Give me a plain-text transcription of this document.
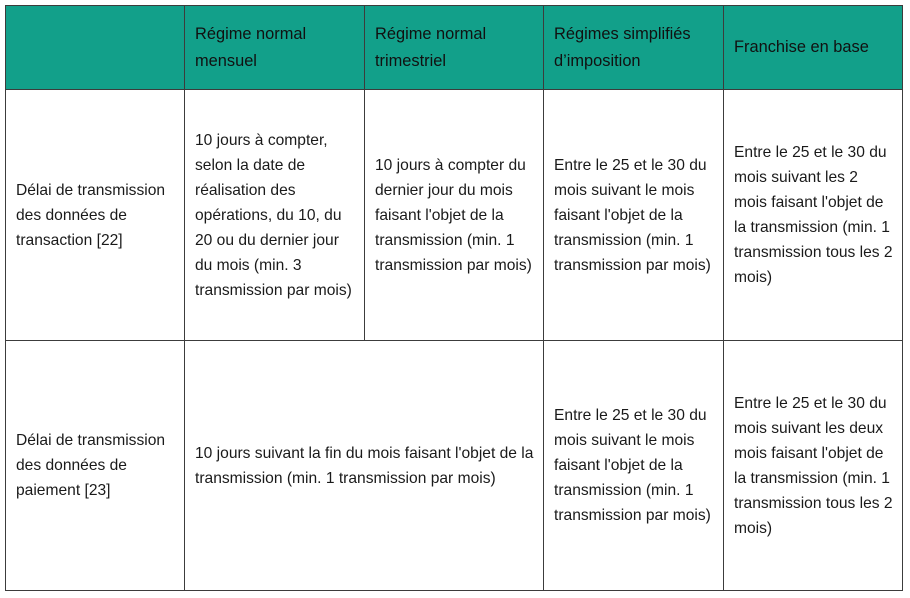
	Régime normal mensuel	Régime normal trimestriel	Régimes simplifiés d’imposition	Franchise en base

Délai de transmission des données de transaction [22]	10 jours à compter, selon la date de réalisation des opérations, du 10, du 20 ou du dernier jour du mois (min. 3 transmission par mois)	10 jours à compter du dernier jour du mois faisant l'objet de la transmission (min. 1 transmission par mois)	Entre le 25 et le 30 du mois suivant le mois faisant l'objet de la transmission (min. 1 transmission par mois)	Entre le 25 et le 30 du mois suivant les 2 mois faisant l'objet de la transmission (min. 1 transmission tous les 2 mois)

Délai de transmission des données de paiement [23]	10 jours suivant la fin du mois faisant l'objet de la transmission (min. 1 transmission par mois)		Entre le 25 et le 30 du mois suivant le mois faisant l'objet de la transmission (min. 1 transmission par mois)	Entre le 25 et le 30 du mois suivant les deux mois faisant l'objet de la transmission (min. 1 transmission tous les 2 mois)
